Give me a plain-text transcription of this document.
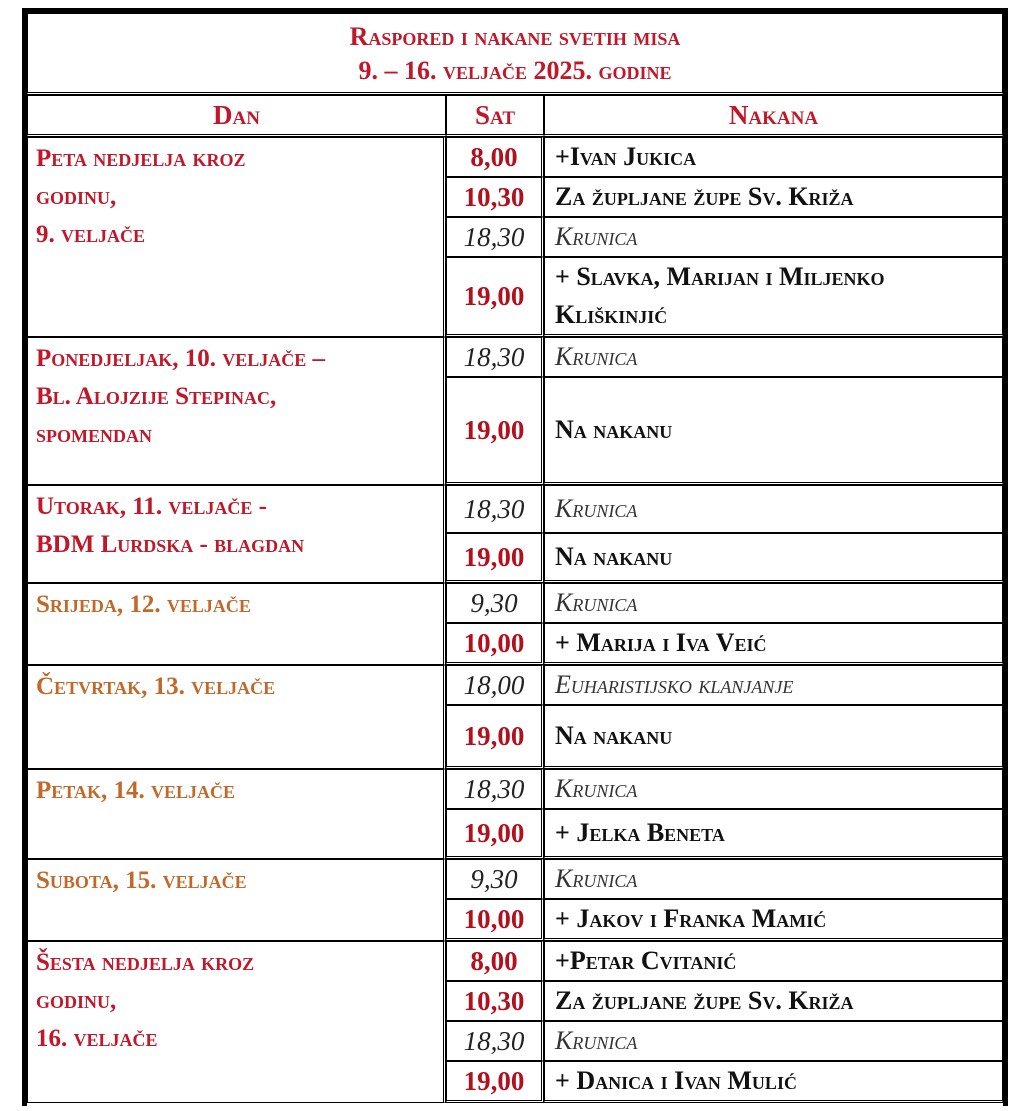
Raspored i nakane svetih misa
9. – 16. veljače 2025. godine		

Dan	Sat	Nakana

Peta nedjelja kroz
godinu,
9. veljače	8,00	+Ivan Jukica
	10,30	Za župljane župe Sv. Križa
	18,30	Krunica
	19,00	+ Slavka, Marijan i Miljenko Kliškinjić

Ponedjeljak, 10. veljače –
Bl. Alojzije Stepinac,
spomendan	18,30	Krunica
	19,00	Na nakanu

Utorak, 11. veljače -
BDM Lurdska - blagdan	18,30	Krunica
	19,00	Na nakanu

Srijeda, 12. veljače	9,30	Krunica
	10,00	+ Marija i Iva Veić

Četvrtak, 13. veljače	18,00	Euharistijsko klanjanje
	19,00	Na nakanu

Petak, 14. veljače	18,30	Krunica
	19,00	+ Jelka Beneta

Subota, 15. veljače	9,30	Krunica
	10,00	+ Jakov i Franka Mamić

Šesta nedjelja kroz
godinu,
16. veljače	8,00	+Petar Cvitanić
	10,30	Za župljane župe Sv. Križa
	18,30	Krunica
	19,00	+ Danica i Ivan Mulić
